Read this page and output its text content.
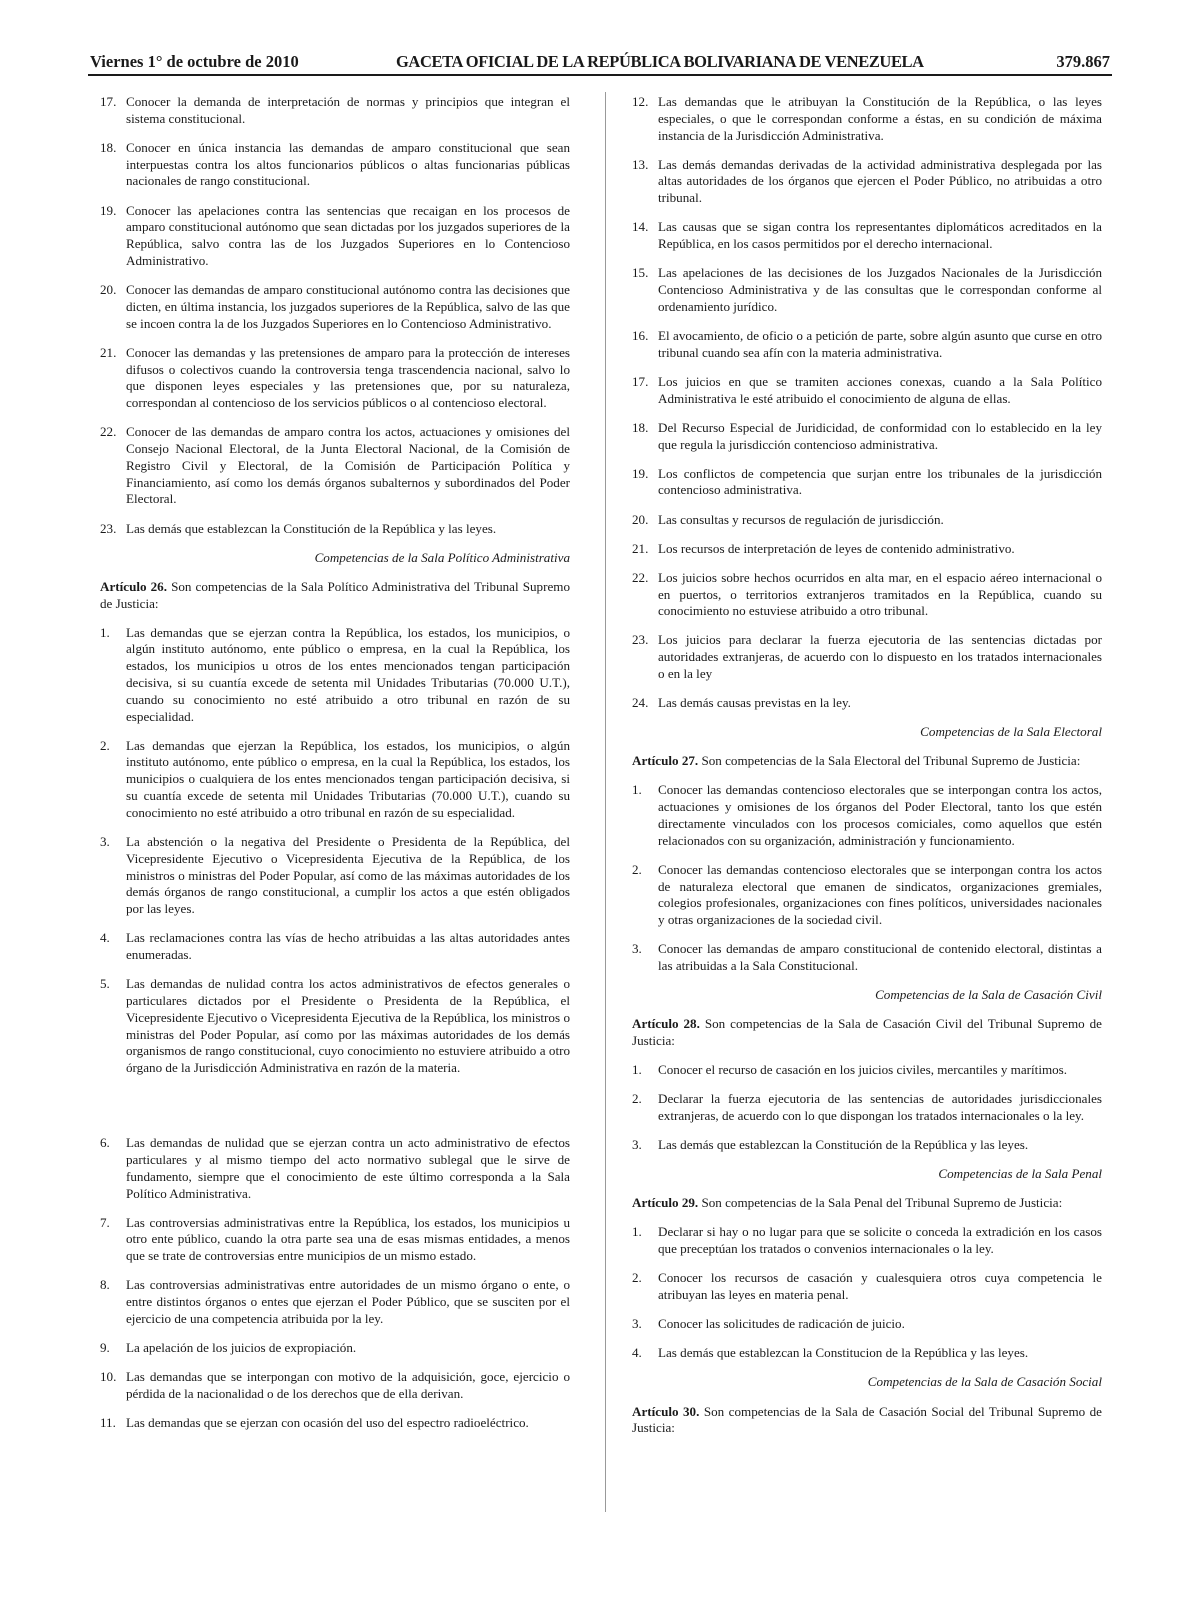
Viernes 1° de octubre de 2010	GACETA OFICIAL DE LA REPÚBLICA BOLIVARIANA DE VENEZUELA	379.867
17. Conocer la demanda de interpretación de normas y principios que integran el sistema constitucional.
18. Conocer en única instancia las demandas de amparo constitucional que sean interpuestas contra los altos funcionarios públicos o altas funcionarias públicas nacionales de rango constitucional.
19. Conocer las apelaciones contra las sentencias que recaigan en los procesos de amparo constitucional autónomo que sean dictadas por los juzgados superiores de la República, salvo contra las de los Juzgados Superiores en lo Contencioso Administrativo.
20. Conocer las demandas de amparo constitucional autónomo contra las decisiones que dicten, en última instancia, los juzgados superiores de la República, salvo de las que se incoen contra la de los Juzgados Superiores en lo Contencioso Administrativo.
21. Conocer las demandas y las pretensiones de amparo para la protección de intereses difusos o colectivos cuando la controversia tenga trascendencia nacional, salvo lo que disponen leyes especiales y las pretensiones que, por su naturaleza, correspondan al contencioso de los servicios públicos o al contencioso electoral.
22. Conocer de las demandas de amparo contra los actos, actuaciones y omisiones del Consejo Nacional Electoral, de la Junta Electoral Nacional, de la Comisión de Registro Civil y Electoral, de la Comisión de Participación Política y Financiamiento, así como los demás órganos subalternos y subordinados del Poder Electoral.
23. Las demás que establezcan la Constitución de la República y las leyes.
Competencias de la Sala Político Administrativa
Artículo 26. Son competencias de la Sala Político Administrativa del Tribunal Supremo de Justicia:
1. Las demandas que se ejerzan contra la República, los estados, los municipios, o algún instituto autónomo, ente público o empresa, en la cual la República, los estados, los municipios u otros de los entes mencionados tengan participación decisiva, si su cuantía excede de setenta mil Unidades Tributarias (70.000 U.T.), cuando su conocimiento no esté atribuido a otro tribunal en razón de su especialidad.
2. Las demandas que ejerzan la República, los estados, los municipios, o algún instituto autónomo, ente público o empresa, en la cual la República, los estados, los municipios o cualquiera de los entes mencionados tengan participación decisiva, si su cuantía excede de setenta mil Unidades Tributarias (70.000 U.T.), cuando su conocimiento no esté atribuido a otro tribunal en razón de su especialidad.
3. La abstención o la negativa del Presidente o Presidenta de la República, del Vicepresidente Ejecutivo o Vicepresidenta Ejecutiva de la República, de los ministros o ministras del Poder Popular, así como de las máximas autoridades de los demás órganos de rango constitucional, a cumplir los actos a que estén obligados por las leyes.
4. Las reclamaciones contra las vías de hecho atribuidas a las altas autoridades antes enumeradas.
5. Las demandas de nulidad contra los actos administrativos de efectos generales o particulares dictados por el Presidente o Presidenta de la República, el Vicepresidente Ejecutivo o Vicepresidenta Ejecutiva de la República, los ministros o ministras del Poder Popular, así como por las máximas autoridades de los demás organismos de rango constitucional, cuyo conocimiento no estuviere atribuido a otro órgano de la Jurisdicción Administrativa en razón de la materia.
6. Las demandas de nulidad que se ejerzan contra un acto administrativo de efectos particulares y al mismo tiempo del acto normativo sublegal que le sirve de fundamento, siempre que el conocimiento de este último corresponda a la Sala Político Administrativa.
7. Las controversias administrativas entre la República, los estados, los municipios u otro ente público, cuando la otra parte sea una de esas mismas entidades, a menos que se trate de controversias entre municipios de un mismo estado.
8. Las controversias administrativas entre autoridades de un mismo órgano o ente, o entre distintos órganos o entes que ejerzan el Poder Público, que se susciten por el ejercicio de una competencia atribuida por la ley.
9. La apelación de los juicios de expropiación.
10. Las demandas que se interpongan con motivo de la adquisición, goce, ejercicio o pérdida de la nacionalidad o de los derechos que de ella derivan.
11. Las demandas que se ejerzan con ocasión del uso del espectro radioeléctrico.
12. Las demandas que le atribuyan la Constitución de la República, o las leyes especiales, o que le correspondan conforme a éstas, en su condición de máxima instancia de la Jurisdicción Administrativa.
13. Las demás demandas derivadas de la actividad administrativa desplegada por las altas autoridades de los órganos que ejercen el Poder Público, no atribuidas a otro tribunal.
14. Las causas que se sigan contra los representantes diplomáticos acreditados en la República, en los casos permitidos por el derecho internacional.
15. Las apelaciones de las decisiones de los Juzgados Nacionales de la Jurisdicción Contencioso Administrativa y de las consultas que le correspondan conforme al ordenamiento jurídico.
16. El avocamiento, de oficio o a petición de parte, sobre algún asunto que curse en otro tribunal cuando sea afín con la materia administrativa.
17. Los juicios en que se tramiten acciones conexas, cuando a la Sala Político Administrativa le esté atribuido el conocimiento de alguna de ellas.
18. Del Recurso Especial de Juridicidad, de conformidad con lo establecido en la ley que regula la jurisdicción contencioso administrativa.
19. Los conflictos de competencia que surjan entre los tribunales de la jurisdicción contencioso administrativa.
20. Las consultas y recursos de regulación de jurisdicción.
21. Los recursos de interpretación de leyes de contenido administrativo.
22. Los juicios sobre hechos ocurridos en alta mar, en el espacio aéreo internacional o en puertos, o territorios extranjeros tramitados en la República, cuando su conocimiento no estuviese atribuido a otro tribunal.
23. Los juicios para declarar la fuerza ejecutoria de las sentencias dictadas por autoridades extranjeras, de acuerdo con lo dispuesto en los tratados internacionales o en la ley
24. Las demás causas previstas en la ley.
Competencias de la Sala Electoral
Artículo 27. Son competencias de la Sala Electoral del Tribunal Supremo de Justicia:
1. Conocer las demandas contencioso electorales que se interpongan contra los actos, actuaciones y omisiones de los órganos del Poder Electoral, tanto los que estén directamente vinculados con los procesos comiciales, como aquellos que estén relacionados con su organización, administración y funcionamiento.
2. Conocer las demandas contencioso electorales que se interpongan contra los actos de naturaleza electoral que emanen de sindicatos, organizaciones gremiales, colegios profesionales, organizaciones con fines políticos, universidades nacionales y otras organizaciones de la sociedad civil.
3. Conocer las demandas de amparo constitucional de contenido electoral, distintas a las atribuidas a la Sala Constitucional.
Competencias de la Sala de Casación Civil
Artículo 28. Son competencias de la Sala de Casación Civil del Tribunal Supremo de Justicia:
1. Conocer el recurso de casación en los juicios civiles, mercantiles y marítimos.
2. Declarar la fuerza ejecutoria de las sentencias de autoridades jurisdiccionales extranjeras, de acuerdo con lo que dispongan los tratados internacionales o la ley.
3. Las demás que establezcan la Constitución de la República y las leyes.
Competencias de la Sala Penal
Artículo 29. Son competencias de la Sala Penal del Tribunal Supremo de Justicia:
1. Declarar si hay o no lugar para que se solicite o conceda la extradición en los casos que preceptúan los tratados o convenios internacionales o la ley.
2. Conocer los recursos de casación y cualesquiera otros cuya competencia le atribuyan las leyes en materia penal.
3. Conocer las solicitudes de radicación de juicio.
4. Las demás que establezcan la Constitucion de la República y las leyes.
Competencias de la Sala de Casación Social
Artículo 30. Son competencias de la Sala de Casación Social del Tribunal Supremo de Justicia:
